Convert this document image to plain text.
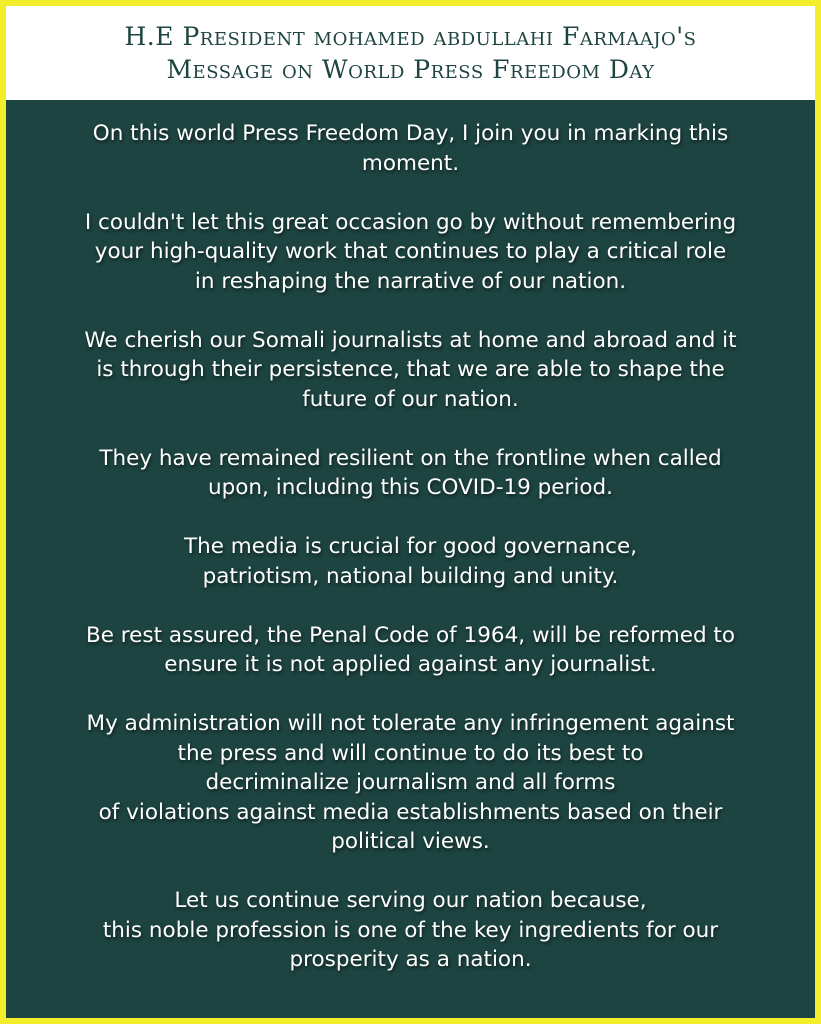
H.E President mohamed abdullahi Farmaajo's
Message on World Press Freedom Day

On this world Press Freedom Day, I join you in marking this
moment.

I couldn't let this great occasion go by without remembering
your high-quality work that continues to play a critical role
in reshaping the narrative of our nation.

We cherish our Somali journalists at home and abroad and it
is through their persistence, that we are able to shape the
future of our nation.

They have remained resilient on the frontline when called
upon, including this COVID-19 period.

The media is crucial for good governance,
patriotism, national building and unity.

Be rest assured, the Penal Code of 1964, will be reformed to
ensure it is not applied against any journalist.

My administration will not tolerate any infringement against
the press and will continue to do its best to
decriminalize journalism and all forms
of violations against media establishments based on their
political views.

Let us continue serving our nation because,
this noble profession is one of the key ingredients for our
prosperity as a nation.
